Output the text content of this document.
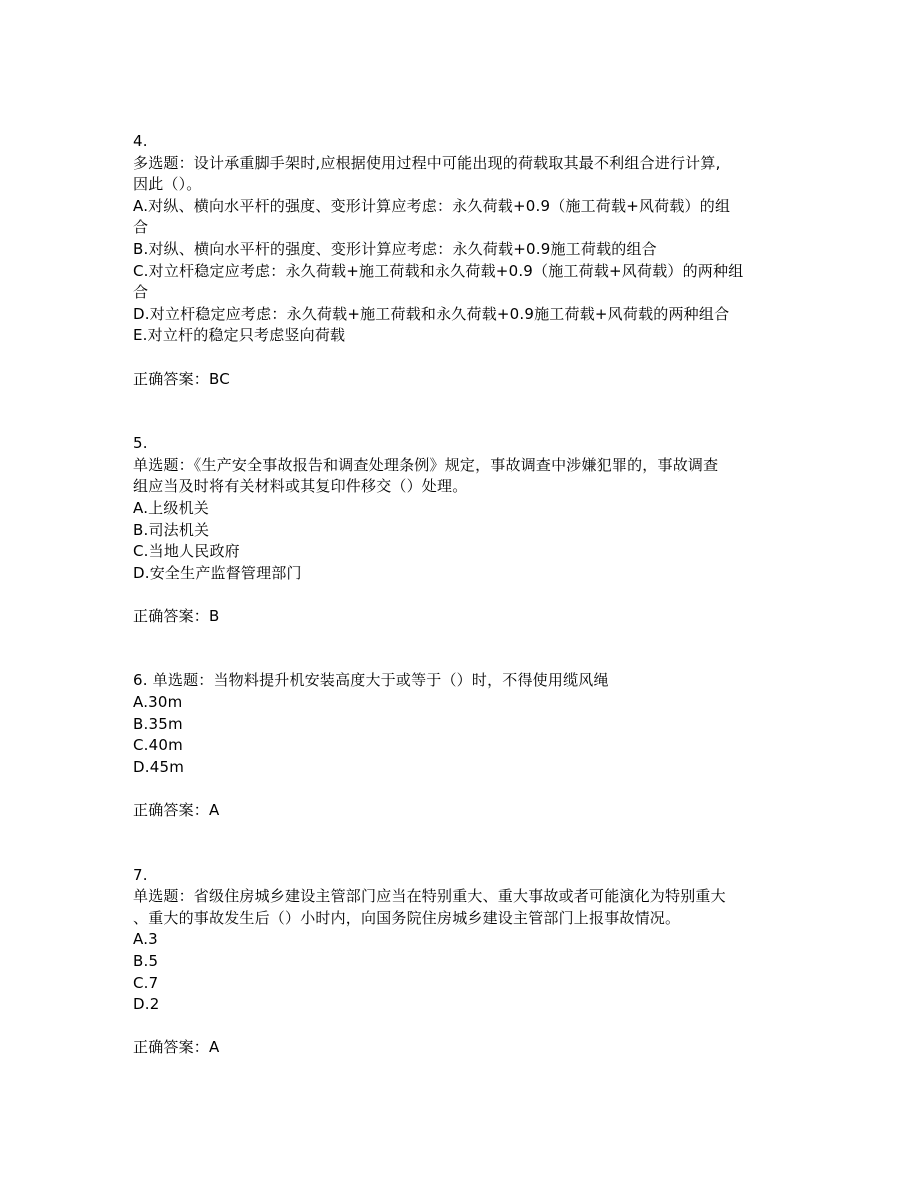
4.
多选题：设计承重脚手架时,应根据使用过程中可能出现的荷载取其最不利组合进行计算,
因此（）。
A.对纵、横向水平杆的强度、变形计算应考虑：永久荷载+0.9（施工荷载+风荷载）的组
合
B.对纵、横向水平杆的强度、变形计算应考虑：永久荷载+0.9施工荷载的组合
C.对立杆稳定应考虑：永久荷载+施工荷载和永久荷载+0.9（施工荷载+风荷载）的两种组
合
D.对立杆稳定应考虑：永久荷载+施工荷载和永久荷载+0.9施工荷载+风荷载的两种组合
E.对立杆的稳定只考虑竖向荷载
正确答案：BC
5.
单选题：《生产安全事故报告和调查处理条例》规定，事故调查中涉嫌犯罪的，事故调查
组应当及时将有关材料或其复印件移交（）处理。
A.上级机关
B.司法机关
C.当地人民政府
D.安全生产监督管理部门
正确答案：B
6. 单选题：当物料提升机安装高度大于或等于（）时，不得使用缆风绳
A.30m
B.35m
C.40m
D.45m
正确答案：A
7.
单选题：省级住房城乡建设主管部门应当在特别重大、重大事故或者可能演化为特别重大
、重大的事故发生后（）小时内，向国务院住房城乡建设主管部门上报事故情况。
A.3
B.5
C.7
D.2
正确答案：A
